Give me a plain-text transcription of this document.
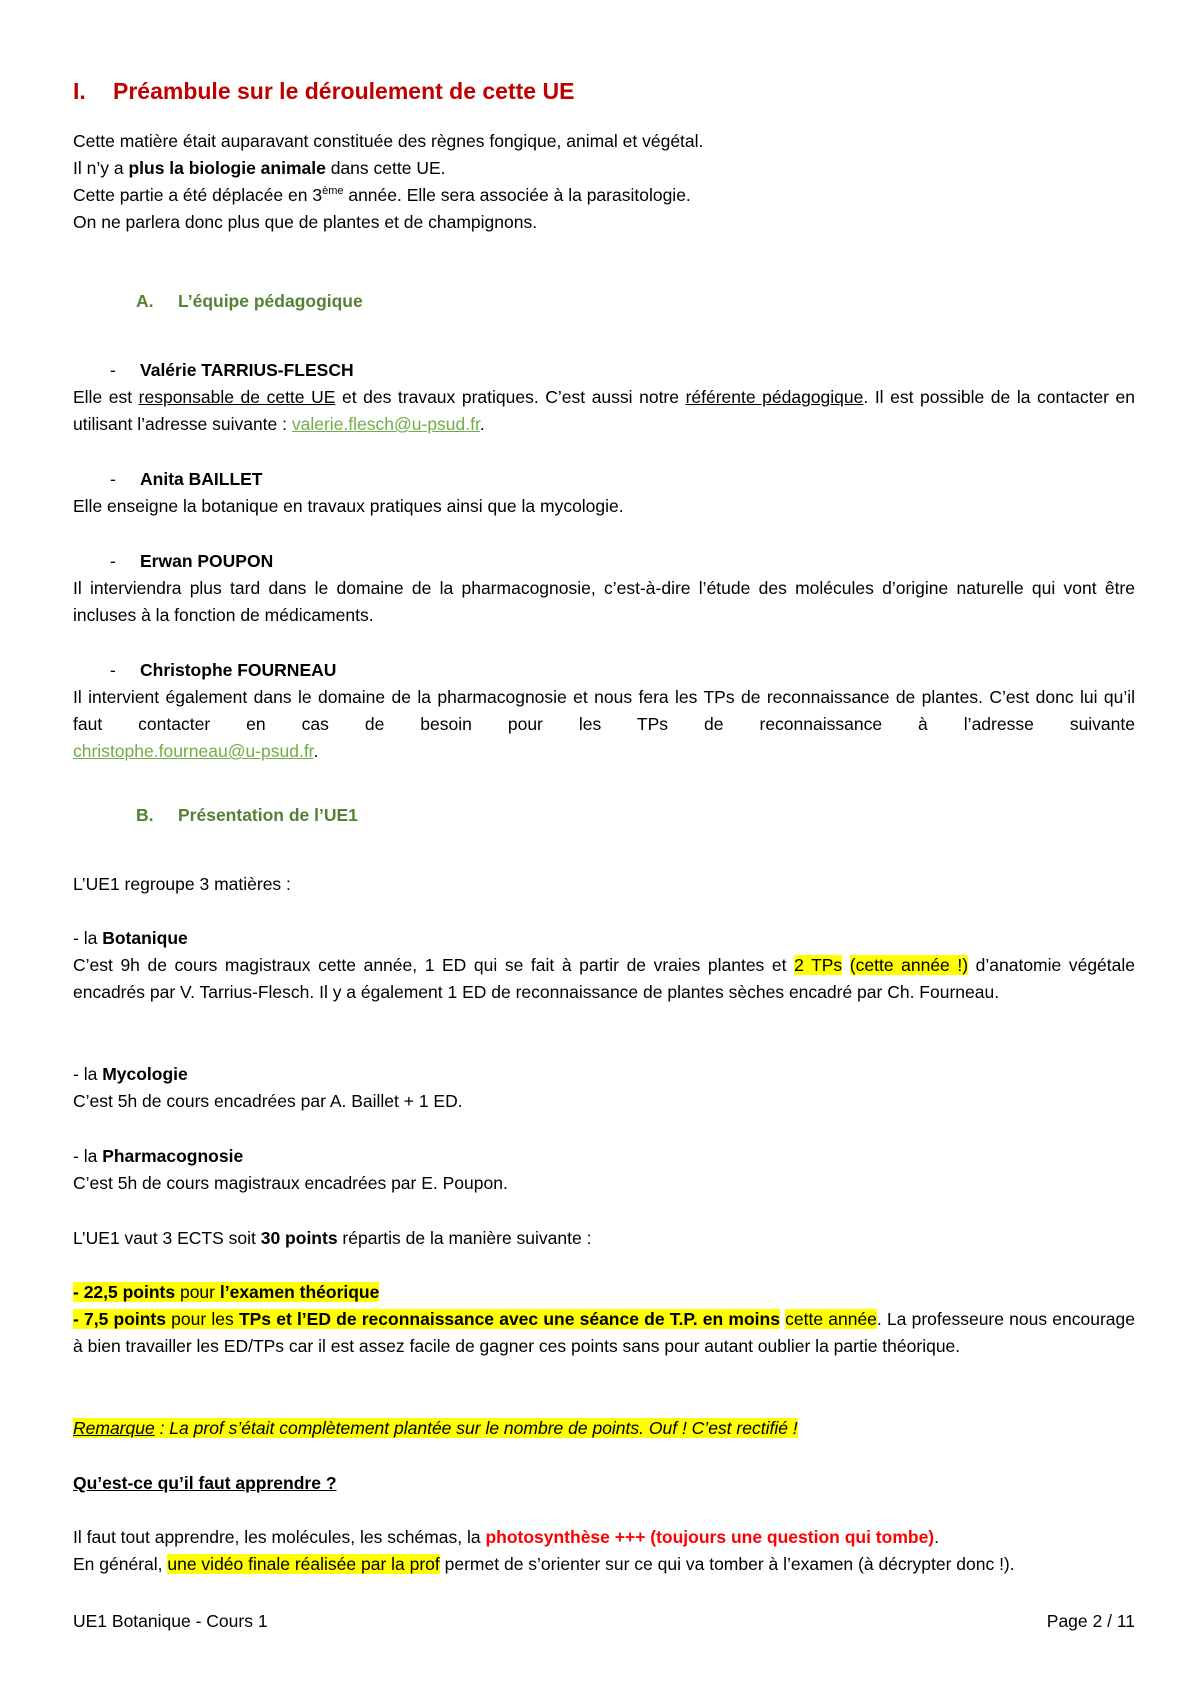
I. Préambule sur le déroulement de cette UE
Cette matière était auparavant constituée des règnes fongique, animal et végétal.
Il n’y a plus la biologie animale dans cette UE.
Cette partie a été déplacée en 3ème année. Elle sera associée à la parasitologie.
On ne parlera donc plus que de plantes et de champignons.
A. L’équipe pédagogique
- Valérie TARRIUS-FLESCH
Elle est responsable de cette UE et des travaux pratiques. C’est aussi notre référente pédagogique. Il est possible de la contacter en utilisant l’adresse suivante : valerie.flesch@u-psud.fr.
- Anita BAILLET
Elle enseigne la botanique en travaux pratiques ainsi que la mycologie.
- Erwan POUPON
Il interviendra plus tard dans le domaine de la pharmacognosie, c’est-à-dire l’étude des molécules d’origine naturelle qui vont être incluses à la fonction de médicaments.
- Christophe FOURNEAU
Il intervient également dans le domaine de la pharmacognosie et nous fera les TPs de reconnaissance de plantes. C’est donc lui qu’il faut contacter en cas de besoin pour les TPs de reconnaissance à l’adresse suivante
christophe.fourneau@u-psud.fr.
B. Présentation de l’UE1
L’UE1 regroupe 3 matières :
- la Botanique
C’est 9h de cours magistraux cette année, 1 ED qui se fait à partir de vraies plantes et 2 TPs (cette année !) d’anatomie végétale encadrés par V. Tarrius-Flesch. Il y a également 1 ED de reconnaissance de plantes sèches encadré par Ch. Fourneau.
- la Mycologie
C’est 5h de cours encadrées par A. Baillet + 1 ED.
- la Pharmacognosie
C’est 5h de cours magistraux encadrées par E. Poupon.
L’UE1 vaut 3 ECTS soit 30 points répartis de la manière suivante :
- 22,5 points pour l’examen théorique
- 7,5 points pour les TPs et l’ED de reconnaissance avec une séance de T.P. en moins cette année. La professeure nous encourage à bien travailler les ED/TPs car il est assez facile de gagner ces points sans pour autant oublier la partie théorique.
Remarque : La prof s’était complètement plantée sur le nombre de points. Ouf ! C’est rectifié !
Qu’est-ce qu’il faut apprendre ?
Il faut tout apprendre, les molécules, les schémas, la photosynthèse +++ (toujours une question qui tombe).
En général, une vidéo finale réalisée par la prof permet de s’orienter sur ce qui va tomber à l’examen (à décrypter donc !).
UE1 Botanique - Cours 1	Page 2 / 11
